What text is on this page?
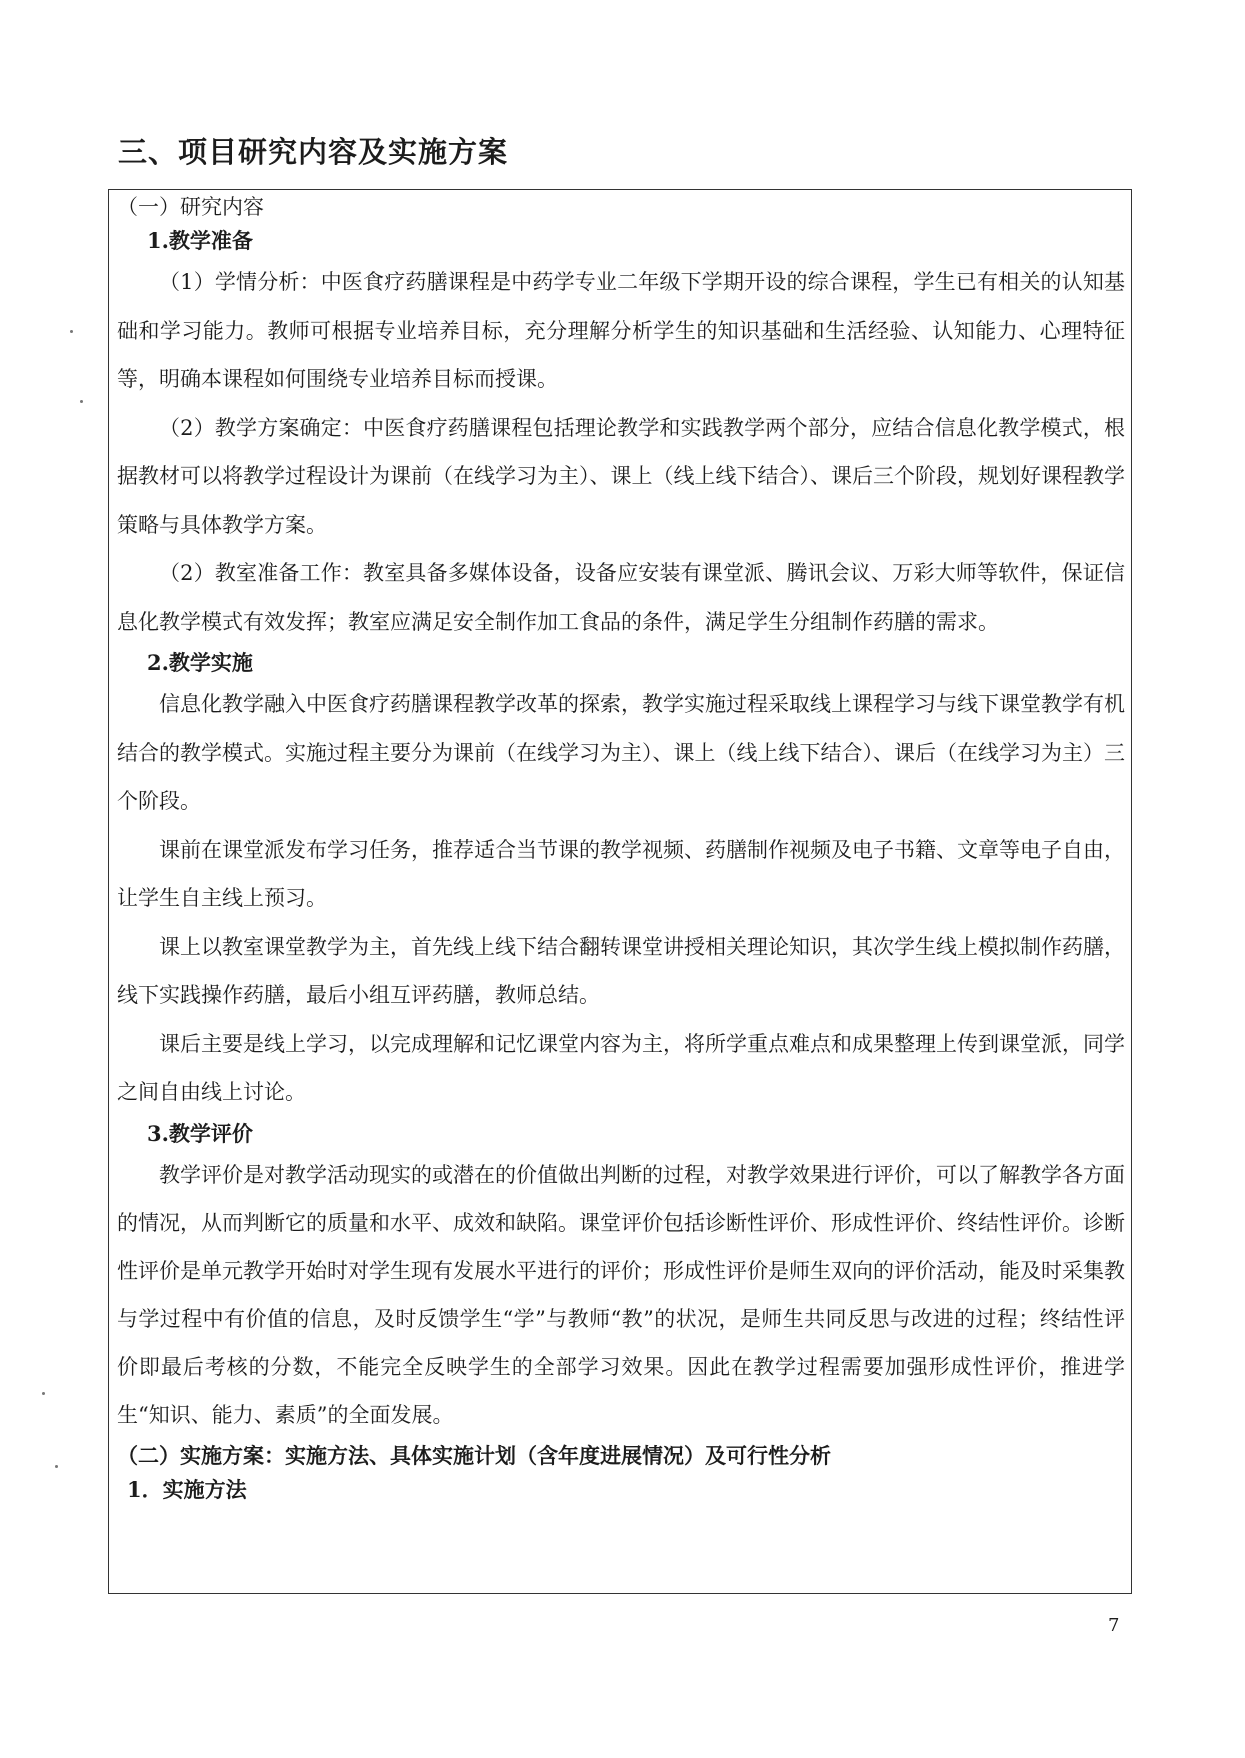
三、项目研究内容及实施方案
（一）研究内容
1.教学准备

（1）学情分析：中医食疗药膳课程是中药学专业二年级下学期开设的综合课程，学生已有相关的认知基础和学习能力。教师可根据专业培养目标，充分理解分析学生的知识基础和生活经验、认知能力、心理特征等，明确本课程如何围绕专业培养目标而授课。

（2）教学方案确定：中医食疗药膳课程包括理论教学和实践教学两个部分，应结合信息化教学模式，根据教材可以将教学过程设计为课前（在线学习为主）、课上（线上线下结合）、课后三个阶段，规划好课程教学策略与具体教学方案。

（2）教室准备工作：教室具备多媒体设备，设备应安装有课堂派、腾讯会议、万彩大师等软件，保证信息化教学模式有效发挥；教室应满足安全制作加工食品的条件，满足学生分组制作药膳的需求。

2.教学实施

信息化教学融入中医食疗药膳课程教学改革的探索，教学实施过程采取线上课程学习与线下课堂教学有机结合的教学模式。实施过程主要分为课前（在线学习为主）、课上（线上线下结合）、课后（在线学习为主）三个阶段。

课前在课堂派发布学习任务，推荐适合当节课的教学视频、药膳制作视频及电子书籍、文章等电子自由，让学生自主线上预习。

课上以教室课堂教学为主，首先线上线下结合翻转课堂讲授相关理论知识，其次学生线上模拟制作药膳，线下实践操作药膳，最后小组互评药膳，教师总结。

课后主要是线上学习，以完成理解和记忆课堂内容为主，将所学重点难点和成果整理上传到课堂派，同学之间自由线上讨论。

3.教学评价

教学评价是对教学活动现实的或潜在的价值做出判断的过程，对教学效果进行评价，可以了解教学各方面的情况，从而判断它的质量和水平、成效和缺陷。课堂评价包括诊断性评价、形成性评价、终结性评价。诊断性评价是单元教学开始时对学生现有发展水平进行的评价；形成性评价是师生双向的评价活动，能及时采集教与学过程中有价值的信息，及时反馈学生“学”与教师“教”的状况，是师生共同反思与改进的过程；终结性评价即最后考核的分数，不能完全反映学生的全部学习效果。因此在教学过程需要加强形成性评价，推进学生“知识、能力、素质”的全面发展。

（二）实施方案：实施方法、具体实施计划（含年度进展情况）及可行性分析
1．实施方法

7
